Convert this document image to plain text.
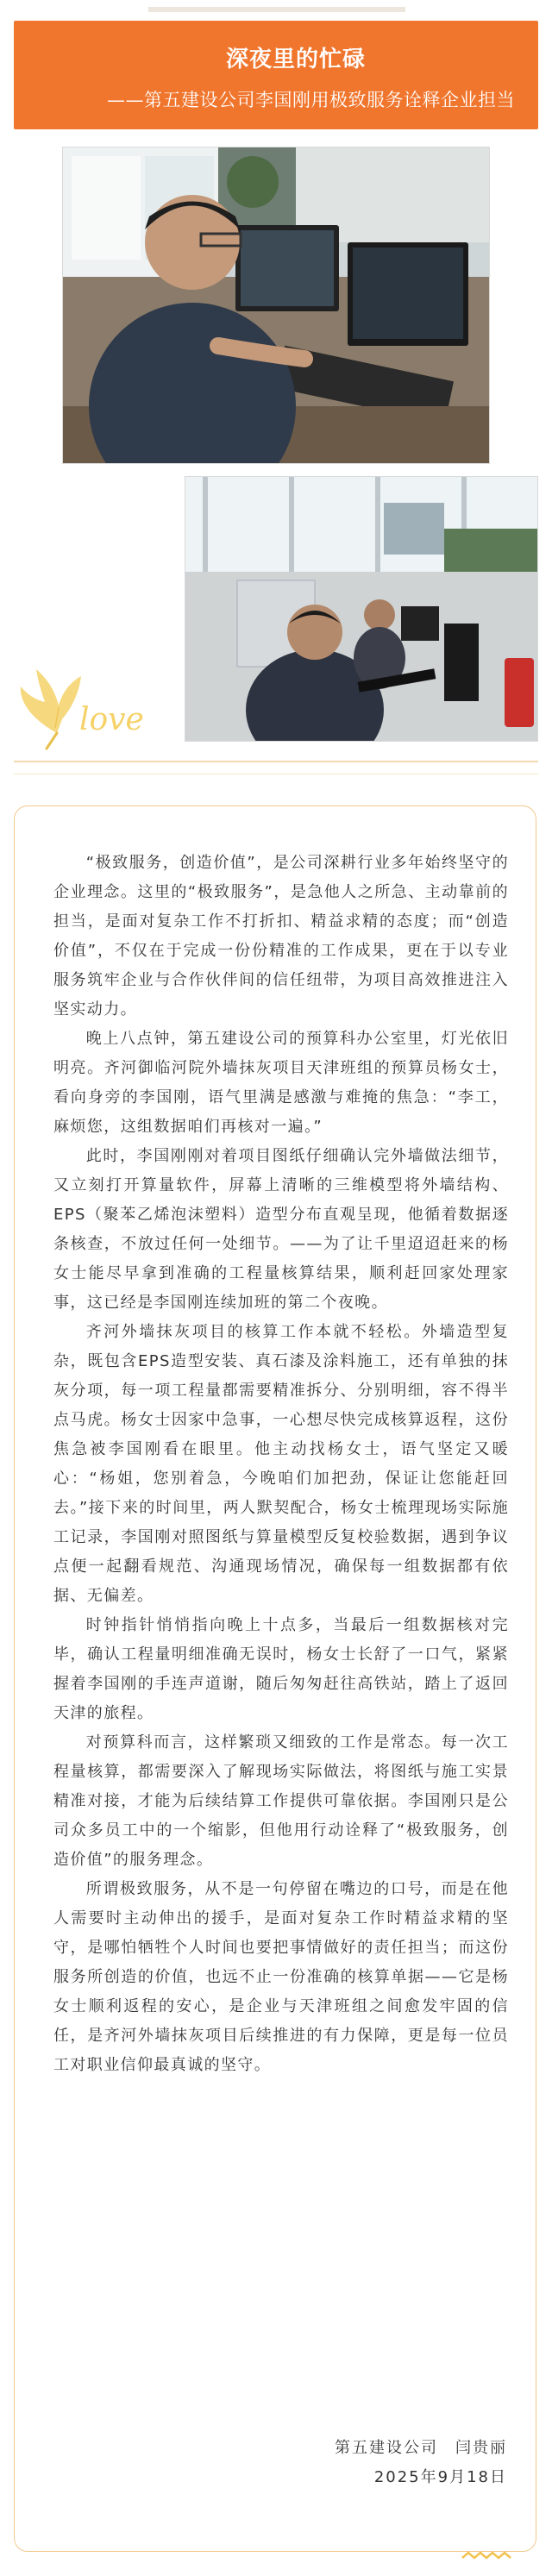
深夜里的忙碌
——第五建设公司李国刚用极致服务诠释企业担当
love

“极致服务，创造价值”，是公司深耕行业多年始终坚守的企业理念。这里的“极致服务”，是急他人之所急、主动靠前的担当，是面对复杂工作不打折扣、精益求精的态度；而“创造价值”，不仅在于完成一份份精准的工作成果，更在于以专业服务筑牢企业与合作伙伴间的信任纽带，为项目高效推进注入坚实动力。

晚上八点钟，第五建设公司的预算科办公室里，灯光依旧明亮。齐河御临河院外墙抹灰项目天津班组的预算员杨女士，看向身旁的李国刚，语气里满是感激与难掩的焦急：“李工，麻烦您，这组数据咱们再核对一遍。”

此时，李国刚刚对着项目图纸仔细确认完外墙做法细节，又立刻打开算量软件，屏幕上清晰的三维模型将外墙结构、EPS（聚苯乙烯泡沫塑料）造型分布直观呈现，他循着数据逐条核查，不放过任何一处细节。——为了让千里迢迢赶来的杨女士能尽早拿到准确的工程量核算结果，顺利赶回家处理家事，这已经是李国刚连续加班的第二个夜晚。

齐河外墙抹灰项目的核算工作本就不轻松。外墙造型复杂，既包含EPS造型安装、真石漆及涂料施工，还有单独的抹灰分项，每一项工程量都需要精准拆分、分别明细，容不得半点马虎。杨女士因家中急事，一心想尽快完成核算返程，这份焦急被李国刚看在眼里。他主动找杨女士，语气坚定又暖心：“杨姐，您别着急，今晚咱们加把劲，保证让您能赶回去。”接下来的时间里，两人默契配合，杨女士梳理现场实际施工记录，李国刚对照图纸与算量模型反复校验数据，遇到争议点便一起翻看规范、沟通现场情况，确保每一组数据都有依据、无偏差。

时钟指针悄悄指向晚上十点多，当最后一组数据核对完毕，确认工程量明细准确无误时，杨女士长舒了一口气，紧紧握着李国刚的手连声道谢，随后匆匆赶往高铁站，踏上了返回天津的旅程。

对预算科而言，这样繁琐又细致的工作是常态。每一次工程量核算，都需要深入了解现场实际做法，将图纸与施工实景精准对接，才能为后续结算工作提供可靠依据。李国刚只是公司众多员工中的一个缩影，但他用行动诠释了“极致服务，创造价值”的服务理念。

所谓极致服务，从不是一句停留在嘴边的口号，而是在他人需要时主动伸出的援手，是面对复杂工作时精益求精的坚守，是哪怕牺牲个人时间也要把事情做好的责任担当；而这份服务所创造的价值，也远不止一份准确的核算单据——它是杨女士顺利返程的安心，是企业与天津班组之间愈发牢固的信任，是齐河外墙抹灰项目后续推进的有力保障，更是每一位员工对职业信仰最真诚的坚守。

第五建设公司　闫贵丽
2025年9月18日
